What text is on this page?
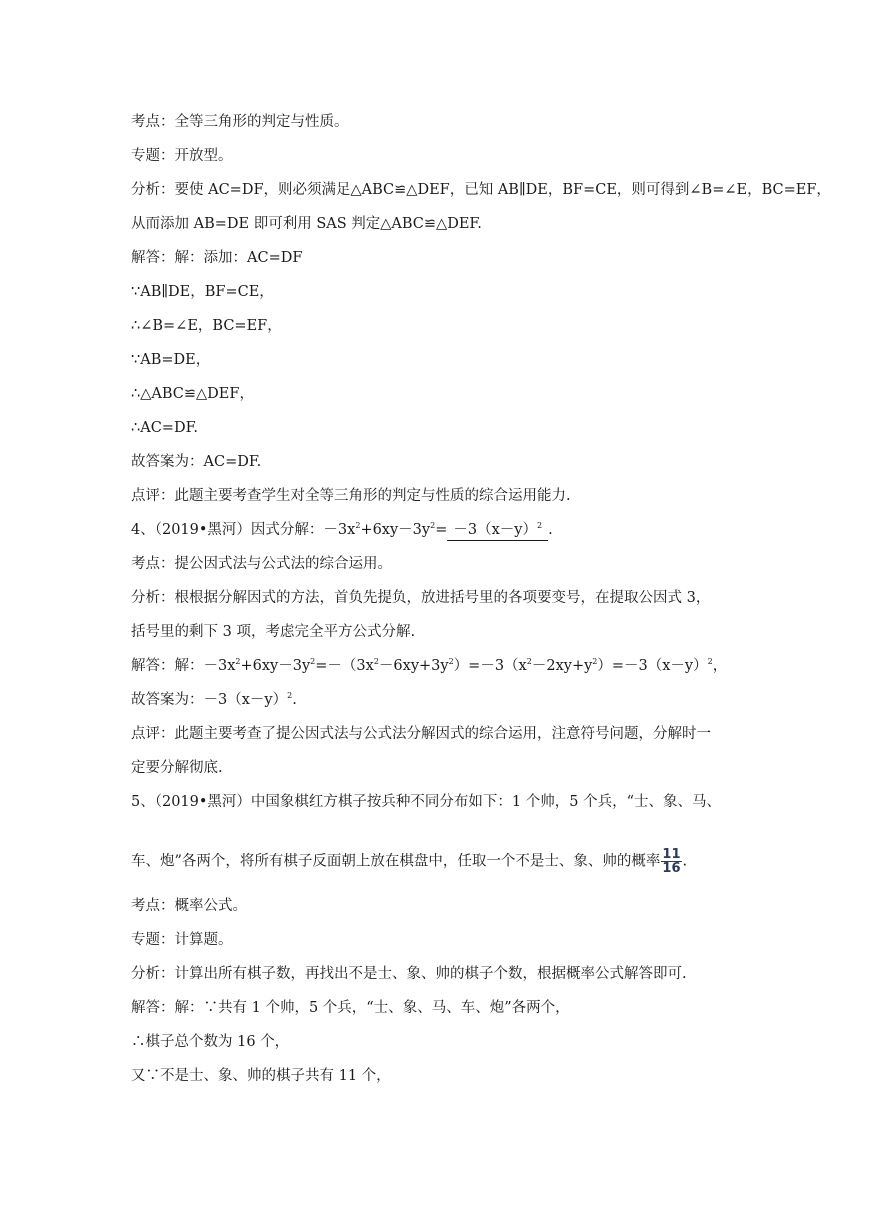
考点：全等三角形的判定与性质。
专题：开放型。
分析：要使 AC=DF，则必须满足△ABC≌△DEF，已知 AB∥DE，BF=CE，则可得到∠B=∠E，BC=EF，
从而添加 AB=DE 即可利用 SAS 判定△ABC≌△DEF.
解答：解：添加：AC=DF
∵AB∥DE，BF=CE，
∴∠B=∠E，BC=EF，
∵AB=DE，
∴△ABC≌△DEF，
∴AC=DF.
故答案为：AC=DF.
点评：此题主要考查学生对全等三角形的判定与性质的综合运用能力.
4、（2019•黑河）因式分解：$-3x^2+6xy-3y^2= -3(x-y)^2$ .
考点：提公因式法与公式法的综合运用。
分析：根根据分解因式的方法，首负先提负，放进括号里的各项要变号，在提取公因式 3，
括号里的剩下 3 项，考虑完全平方公式分解.
解答：解：$-3x^2+6xy-3y^2=-(3x^2-6xy+3y^2)=-3(x^2-2xy+y^2)=-3(x-y)^2$，
故答案为：$-3(x-y)^2$.
点评：此题主要考查了提公因式法与公式法分解因式的综合运用，注意符号问题，分解时一
定要分解彻底.
5、（2019•黑河）中国象棋红方棋子按兵种不同分布如下：1 个帅，5 个兵，“士、象、马、
车、炮”各两个，将所有棋子反面朝上放在棋盘中，任取一个不是士、象、帅的概率 $\frac{11}{16}$ .
考点：概率公式。
专题：计算题。
分析：计算出所有棋子数，再找出不是士、象、帅的棋子个数，根据概率公式解答即可.
解答：解：∵共有 1 个帅，5 个兵，“士、象、马、车、炮”各两个，
∴棋子总个数为 16 个，
又∵不是士、象、帅的棋子共有 11 个，
